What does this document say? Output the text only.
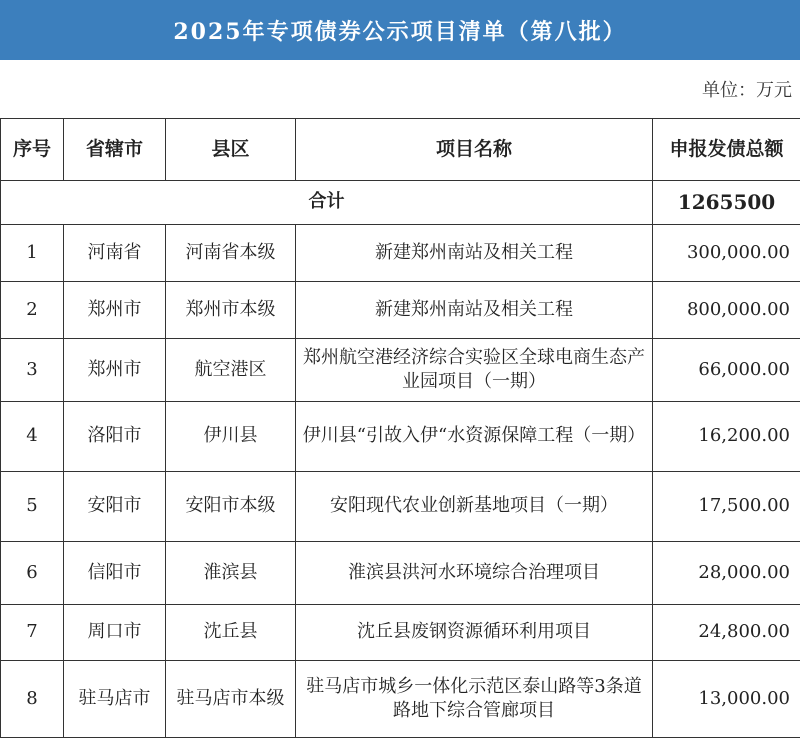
2025年专项债券公示项目清单（第八批）
单位：万元
序号	省辖市	县区	项目名称	申报发债总额
合计				1265500
1	河南省	河南省本级	新建郑州南站及相关工程	300,000.00
2	郑州市	郑州市本级	新建郑州南站及相关工程	800,000.00
3	郑州市	航空港区	郑州航空港经济综合实验区全球电商生态产业园项目（一期）	66,000.00
4	洛阳市	伊川县	伊川县“引故入伊“水资源保障工程（一期）	16,200.00
5	安阳市	安阳市本级	安阳现代农业创新基地项目（一期）	17,500.00
6	信阳市	淮滨县	淮滨县洪河水环境综合治理项目	28,000.00
7	周口市	沈丘县	沈丘县废钢资源循环利用项目	24,800.00
8	驻马店市	驻马店市本级	驻马店市城乡一体化示范区泰山路等3条道路地下综合管廊项目	13,000.00
